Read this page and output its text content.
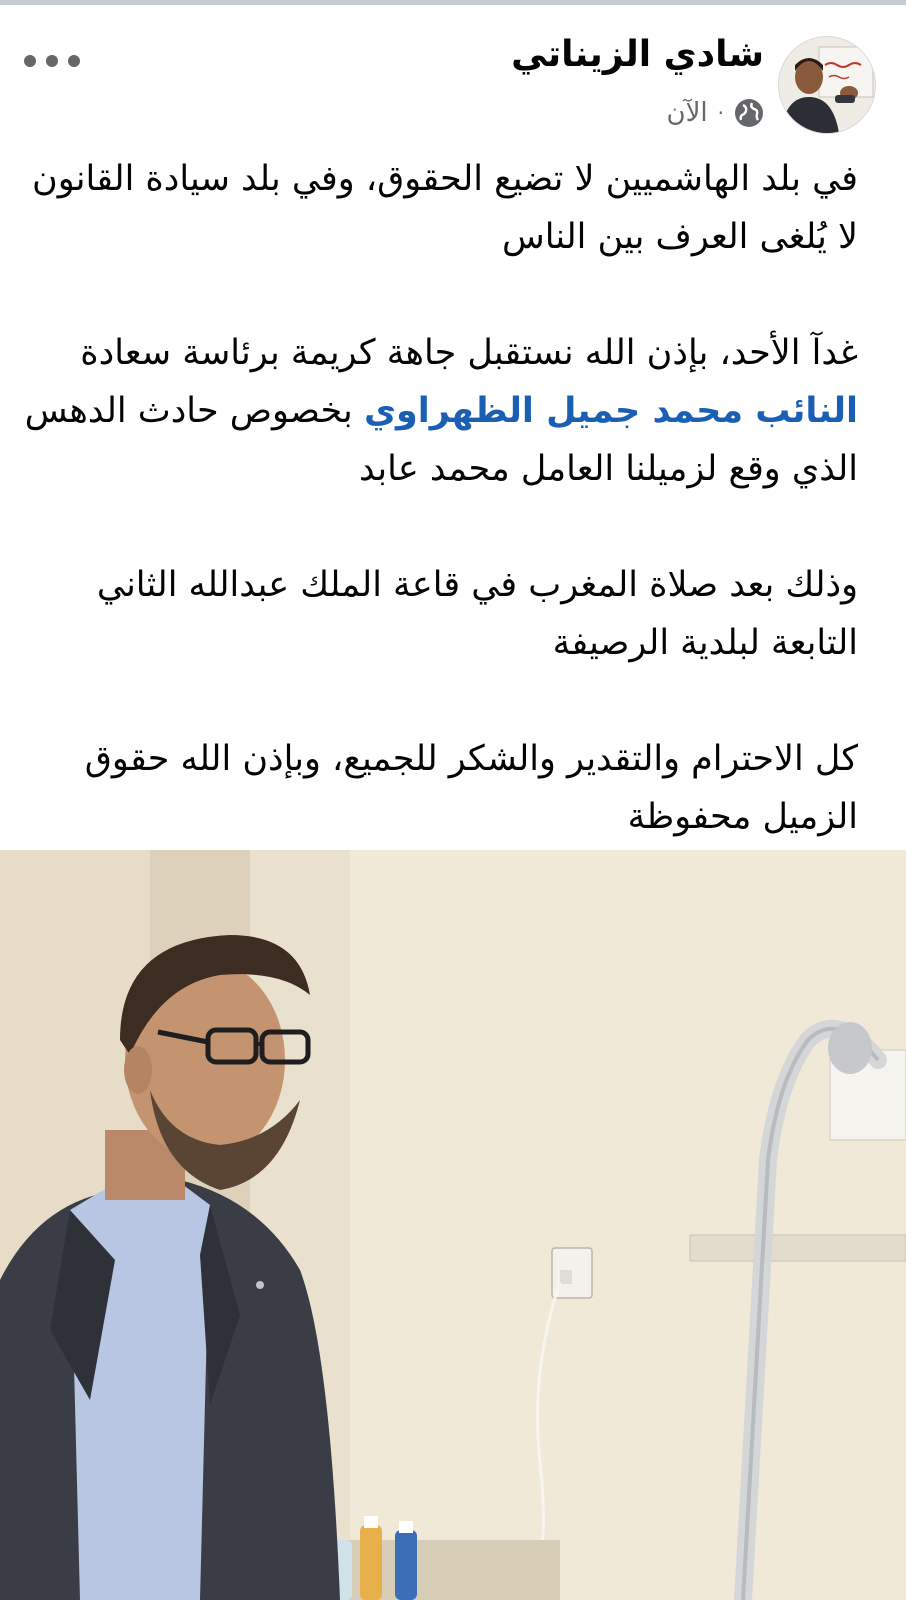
شادي الزيناتي
الآن ·

في بلد الهاشميين لا تضيع الحقوق، وفي بلد سيادة القانون لا يُلغى العرف بين الناس

غدآ الأحد، بإذن الله نستقبل جاهة كريمة برئاسة سعادة النائب محمد جميل الظهراوي بخصوص حادث الدهس الذي وقع لزميلنا العامل محمد عابد

وذلك بعد صلاة المغرب في قاعة الملك عبدالله الثاني التابعة لبلدية الرصيفة

كل الاحترام والتقدير والشكر للجميع، وبإذن الله حقوق الزميل محفوظة
